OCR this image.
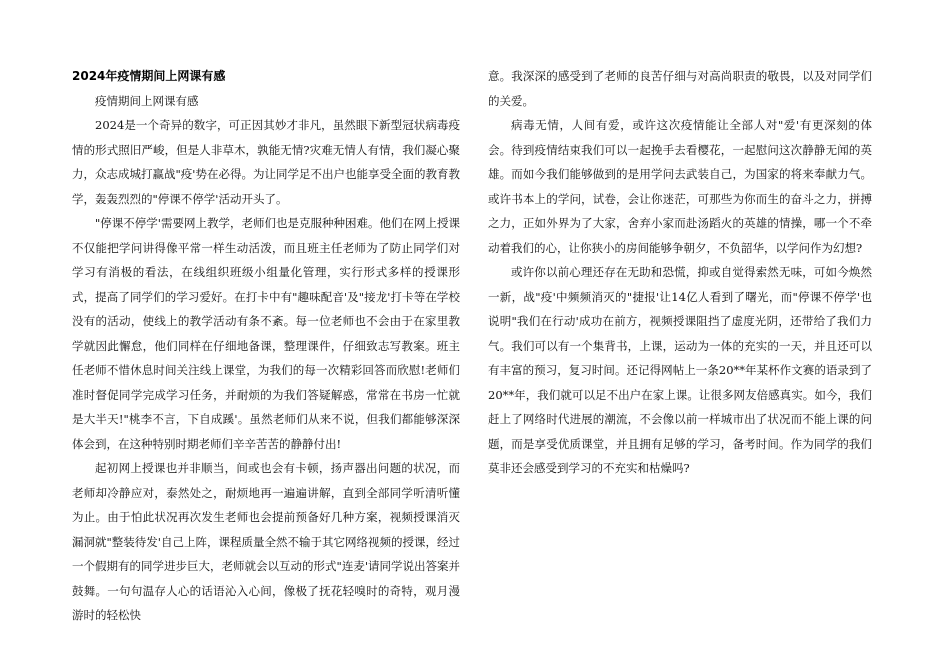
2024年疫情期间上网课有感

疫情期间上网课有感

2024是一个奇异的数字，可正因其妙才非凡，虽然眼下新型冠状病毒疫情的形式照旧严峻，但是人非草木，孰能无情?灾难无情人有情，我们凝心聚力，众志成城打赢战"疫'势在必得。为让同学足不出户也能享受全面的教育教学，轰轰烈烈的"停课不停学'活动开头了。

"停课不停学'需要网上教学，老师们也是克服种种困难。他们在网上授课不仅能把学问讲得像平常一样生动活泼，而且班主任老师为了防止同学们对学习有消极的看法，在线组织班级小组量化管理，实行形式多样的授课形式，提高了同学们的学习爱好。在打卡中有"趣味配音'及"接龙'打卡等在学校没有的活动，使线上的教学活动有条不紊。每一位老师也不会由于在家里教学就因此懈怠，他们同样在仔细地备课，整理课件，仔细致志写教案。班主任老师不惜休息时间关注线上课堂，为我们的每一次精彩回答而欣慰!老师们准时督促同学完成学习任务，并耐烦的为我们答疑解惑，常常在书房一忙就是大半天!"桃李不言，下自成蹊'。虽然老师们从来不说，但我们都能够深深体会到，在这种特别时期老师们辛辛苦苦的静静付出!

起初网上授课也并非顺当，间或也会有卡顿，扬声器出问题的状况，而老师却冷静应对，泰然处之，耐烦地再一遍遍讲解，直到全部同学听清听懂为止。由于怕此状况再次发生老师也会提前预备好几种方案，视频授课消灭漏洞就"整装待发'自己上阵，课程质量全然不输于其它网络视频的授课，经过一个假期有的同学进步巨大，老师就会以互动的形式"连麦'请同学说出答案并鼓舞。一句句温存人心的话语沁入心间，像极了抚花轻嗅时的奇特，观月漫游时的轻松快

意。我深深的感受到了老师的良苦仔细与对高尚职责的敬畏，以及对同学们的关爱。

病毒无情，人间有爱，或许这次疫情能让全部人对"爱'有更深刻的体会。待到疫情结束我们可以一起挽手去看樱花，一起慰问这次静静无闻的英雄。而如今我们能够做到的是用学问去武装自己，为国家的将来奉献力气。或许书本上的学问，试卷，会让你迷茫，可那些为你而生的奋斗之力，拼搏之力，正如外界为了大家，舍弃小家而赴汤蹈火的英雄的情操，哪一个不牵动着我们的心，让你狭小的房间能够争朝夕，不负韶华，以学问作为幻想?

或许你以前心理还存在无助和恐慌，抑或自觉得索然无味，可如今焕然一新，战"疫'中频频消灭的"捷报'让14亿人看到了曙光，而"停课不停学'也说明"我们在行动'成功在前方，视频授课阻挡了虚度光阴，还带给了我们力气。我们可以有一个集背书，上课，运动为一体的充实的一天，并且还可以有丰富的预习，复习时间。还记得网帖上一条20**年某杯作文赛的语录到了20**年，我们就可以足不出户在家上课。让很多网友倍感真实。如今，我们赶上了网络时代进展的潮流，不会像以前一样城市出了状况而不能上课的问题，而是享受优质课堂，并且拥有足够的学习，备考时间。作为同学的我们莫非还会感受到学习的不充实和枯燥吗?
